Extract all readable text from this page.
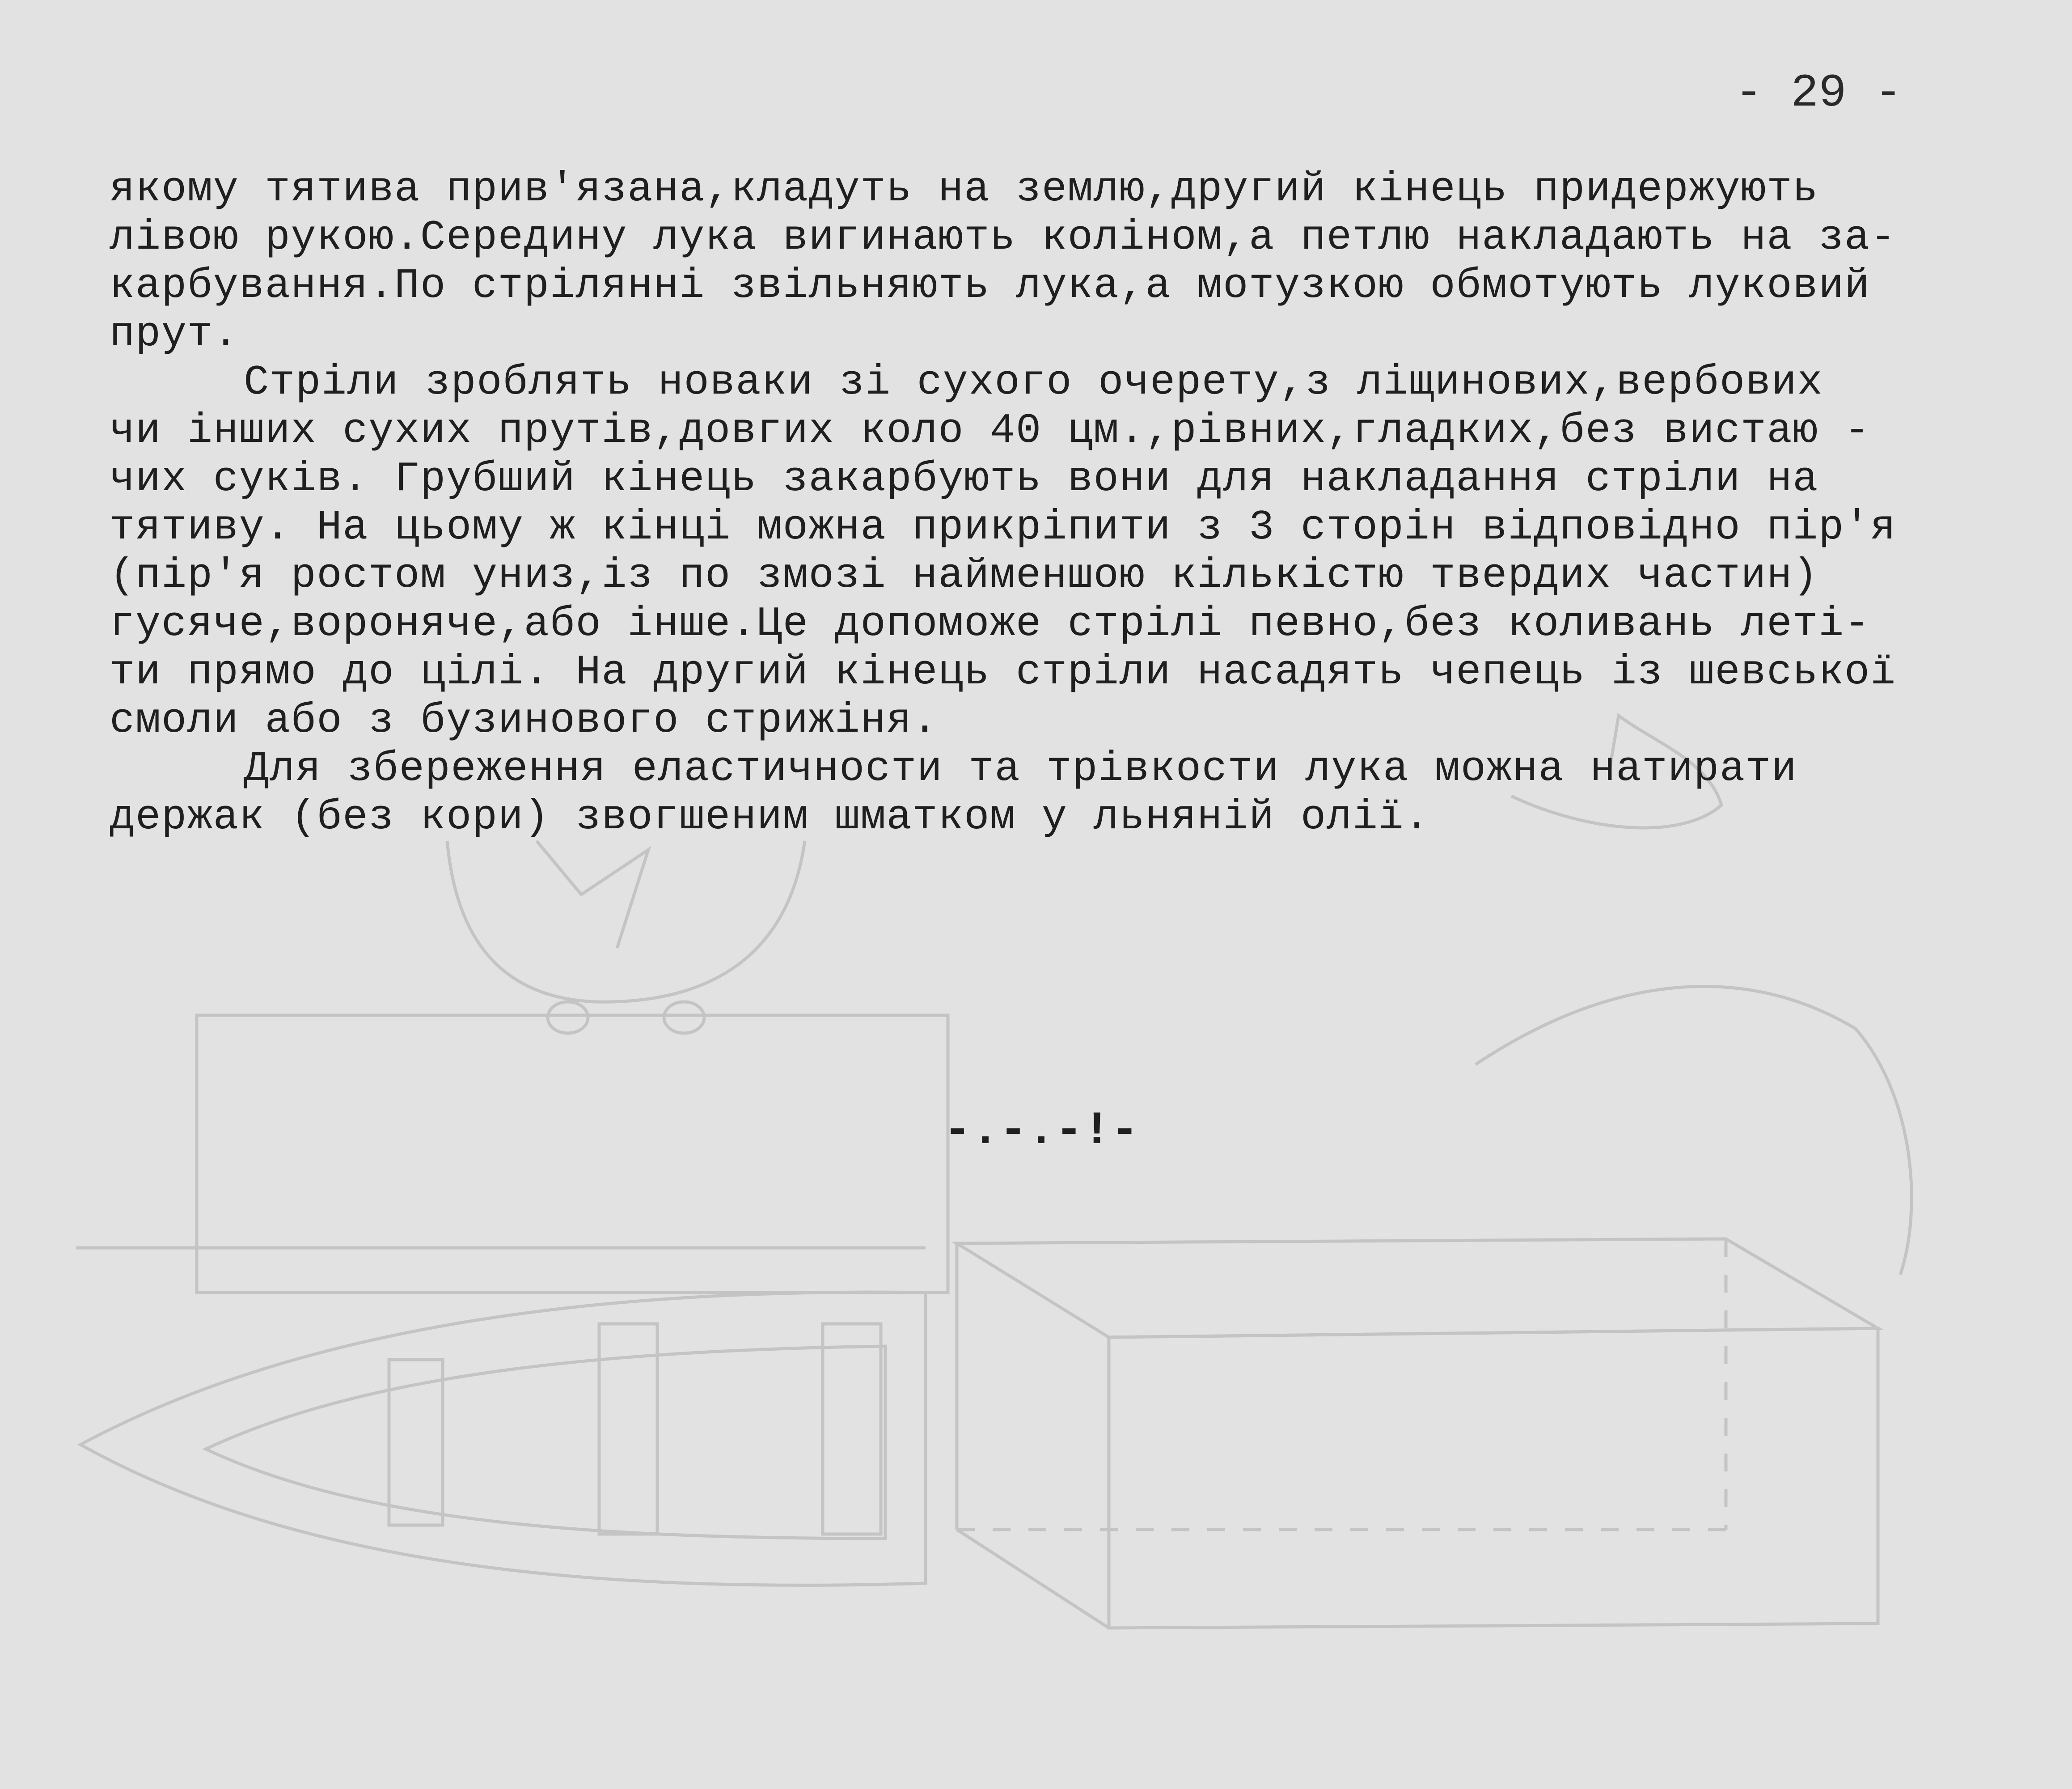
- 29 -
якому тятива прив'язана,кладуть на землю,другий кінець придержують
лівою рукою.Середину лука вигинають коліном,а петлю накладають на за-
карбування.По стрілянні звільняють лука,а мотузкою обмотують луковий
прут.
Стріли зроблять новаки зі сухого очерету,з ліщинових,вербових
чи інших сухих прутів,довгих коло 40 цм.,рівних,гладких,без вистаю -
чих суків. Грубший кінець закарбують вони для накладання стріли на
тятиву. На цьому ж кінці можна прикріпити з 3 сторін відповідно пір'я
(пір'я ростом униз,із по змозі найменшою кількістю твердих частин)
гусяче,вороняче,або інше.Це допоможе стрілі певно,без коливань леті-
ти прямо до цілі. На другий кінець стріли насадять чепець із шевської
смоли або з бузинового стрижіня.
Для збереження еластичности та трівкости лука можна натирати
держак (без кори) звогшеним шматком у льняній олії.
-.-.-!-
